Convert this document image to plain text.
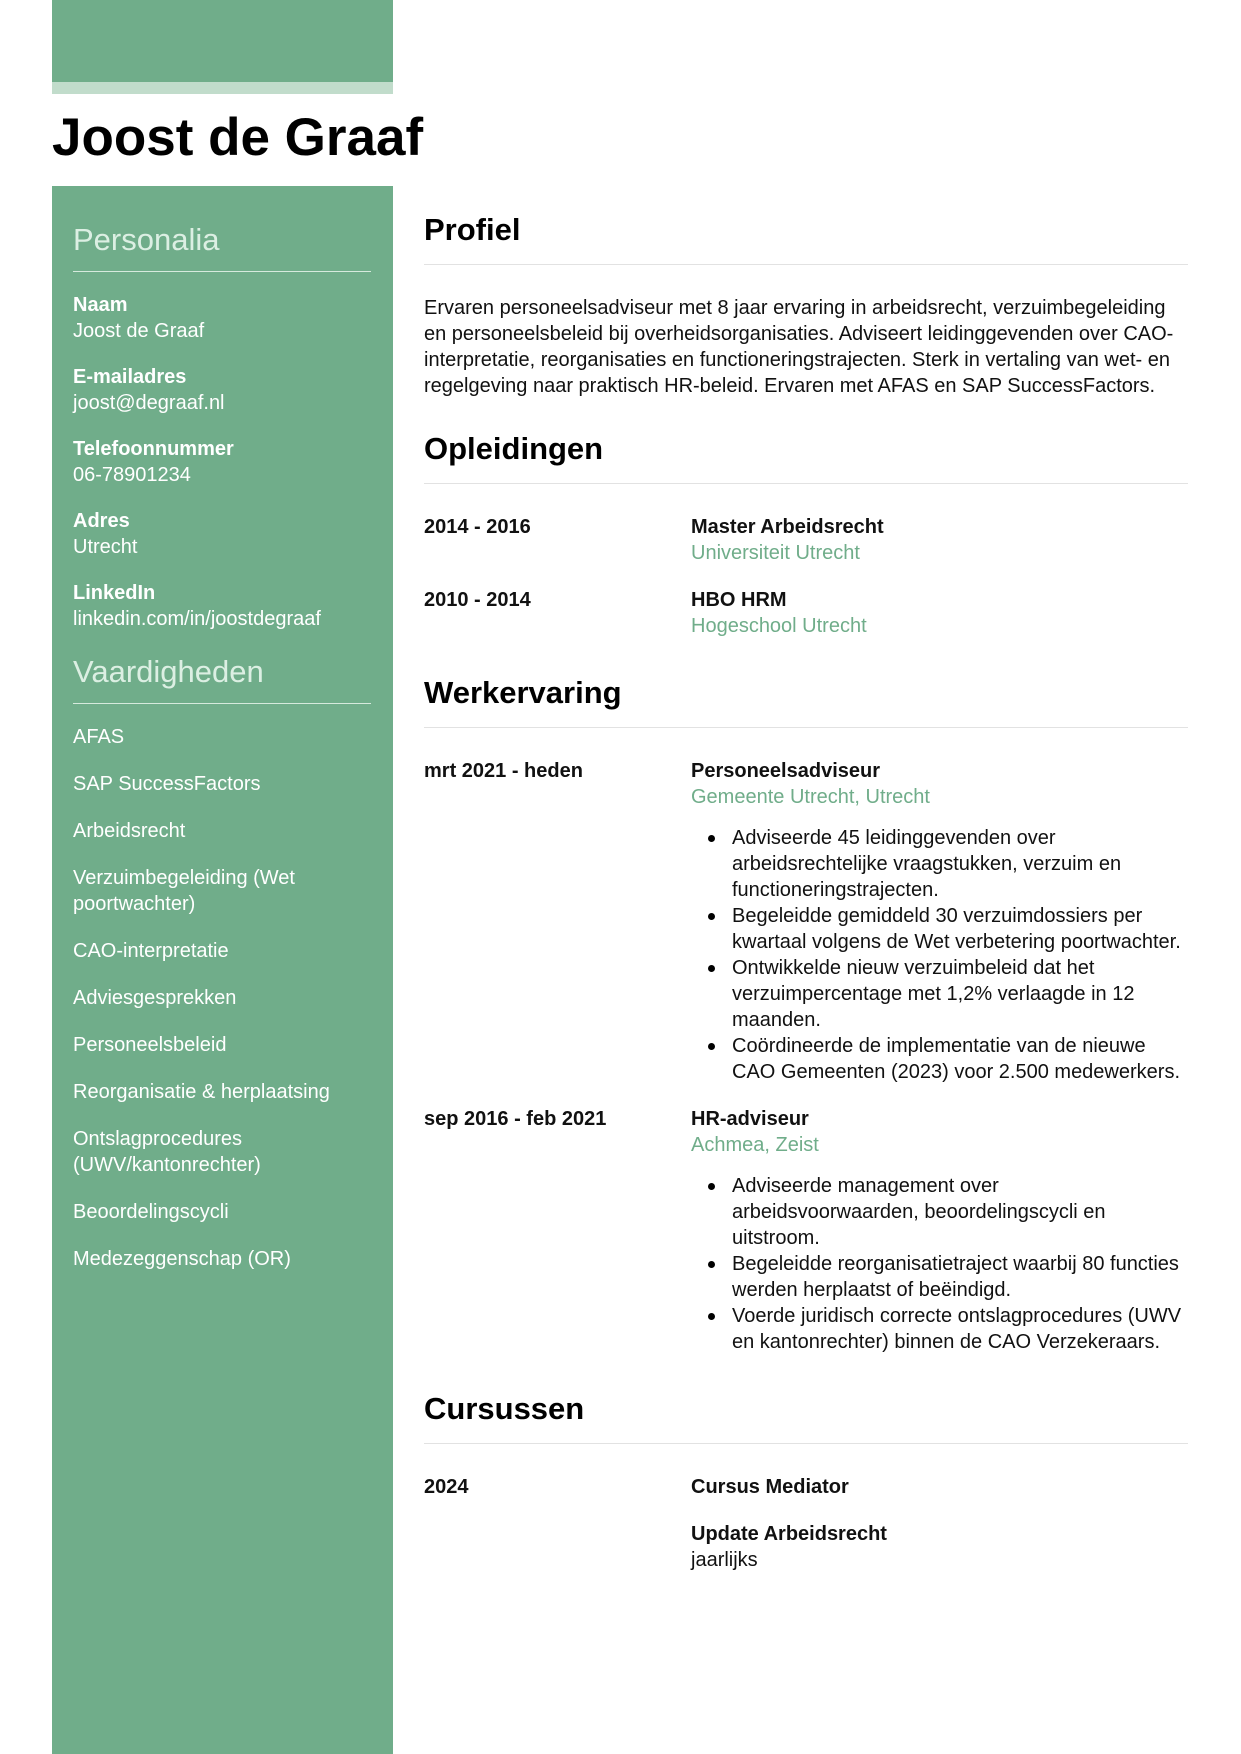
Joost de Graaf
Personalia
Naam
Joost de Graaf
E-mailadres
joost@degraaf.nl
Telefoonnummer
06-78901234
Adres
Utrecht
LinkedIn
linkedin.com/in/joostdegraaf
Vaardigheden
AFAS
SAP SuccessFactors
Arbeidsrecht
Verzuimbegeleiding (Wet poortwachter)
CAO-interpretatie
Adviesgesprekken
Personeelsbeleid
Reorganisatie & herplaatsing
Ontslagprocedures (UWV/kantonrechter)
Beoordelingscycli
Medezeggenschap (OR)
Profiel

Ervaren personeelsadviseur met 8 jaar ervaring in arbeidsrecht, verzuimbegeleiding en personeelsbeleid bij overheidsorganisaties. Adviseert leidinggevenden over CAO-interpretatie, reorganisaties en functioneringstrajecten. Sterk in vertaling van wet- en regelgeving naar praktisch HR-beleid. Ervaren met AFAS en SAP SuccessFactors.

Opleidingen
2014 - 2016	Master Arbeidsrecht
Universiteit Utrecht
2010 - 2014	HBO HRM
Hogeschool Utrecht
Werkervaring
mrt 2021 - heden	Personeelsadviseur
Gemeente Utrecht, Utrecht
Adviseerde 45 leidinggevenden over arbeidsrechtelijke vraagstukken, verzuim en functioneringstrajecten.
Begeleidde gemiddeld 30 verzuimdossiers per kwartaal volgens de Wet verbetering poortwachter.
Ontwikkelde nieuw verzuimbeleid dat het verzuimpercentage met 1,2% verlaagde in 12 maanden.
Coördineerde de implementatie van de nieuwe CAO Gemeenten (2023) voor 2.500 medewerkers.
sep 2016 - feb 2021	HR-adviseur
Achmea, Zeist
Adviseerde management over arbeidsvoorwaarden, beoordelingscycli en uitstroom.
Begeleidde reorganisatietraject waarbij 80 functies werden herplaatst of beëindigd.
Voerde juridisch correcte ontslagprocedures (UWV en kantonrechter) binnen de CAO Verzekeraars.
Cursussen
2024	Cursus Mediator
Update Arbeidsrecht
jaarlijks
